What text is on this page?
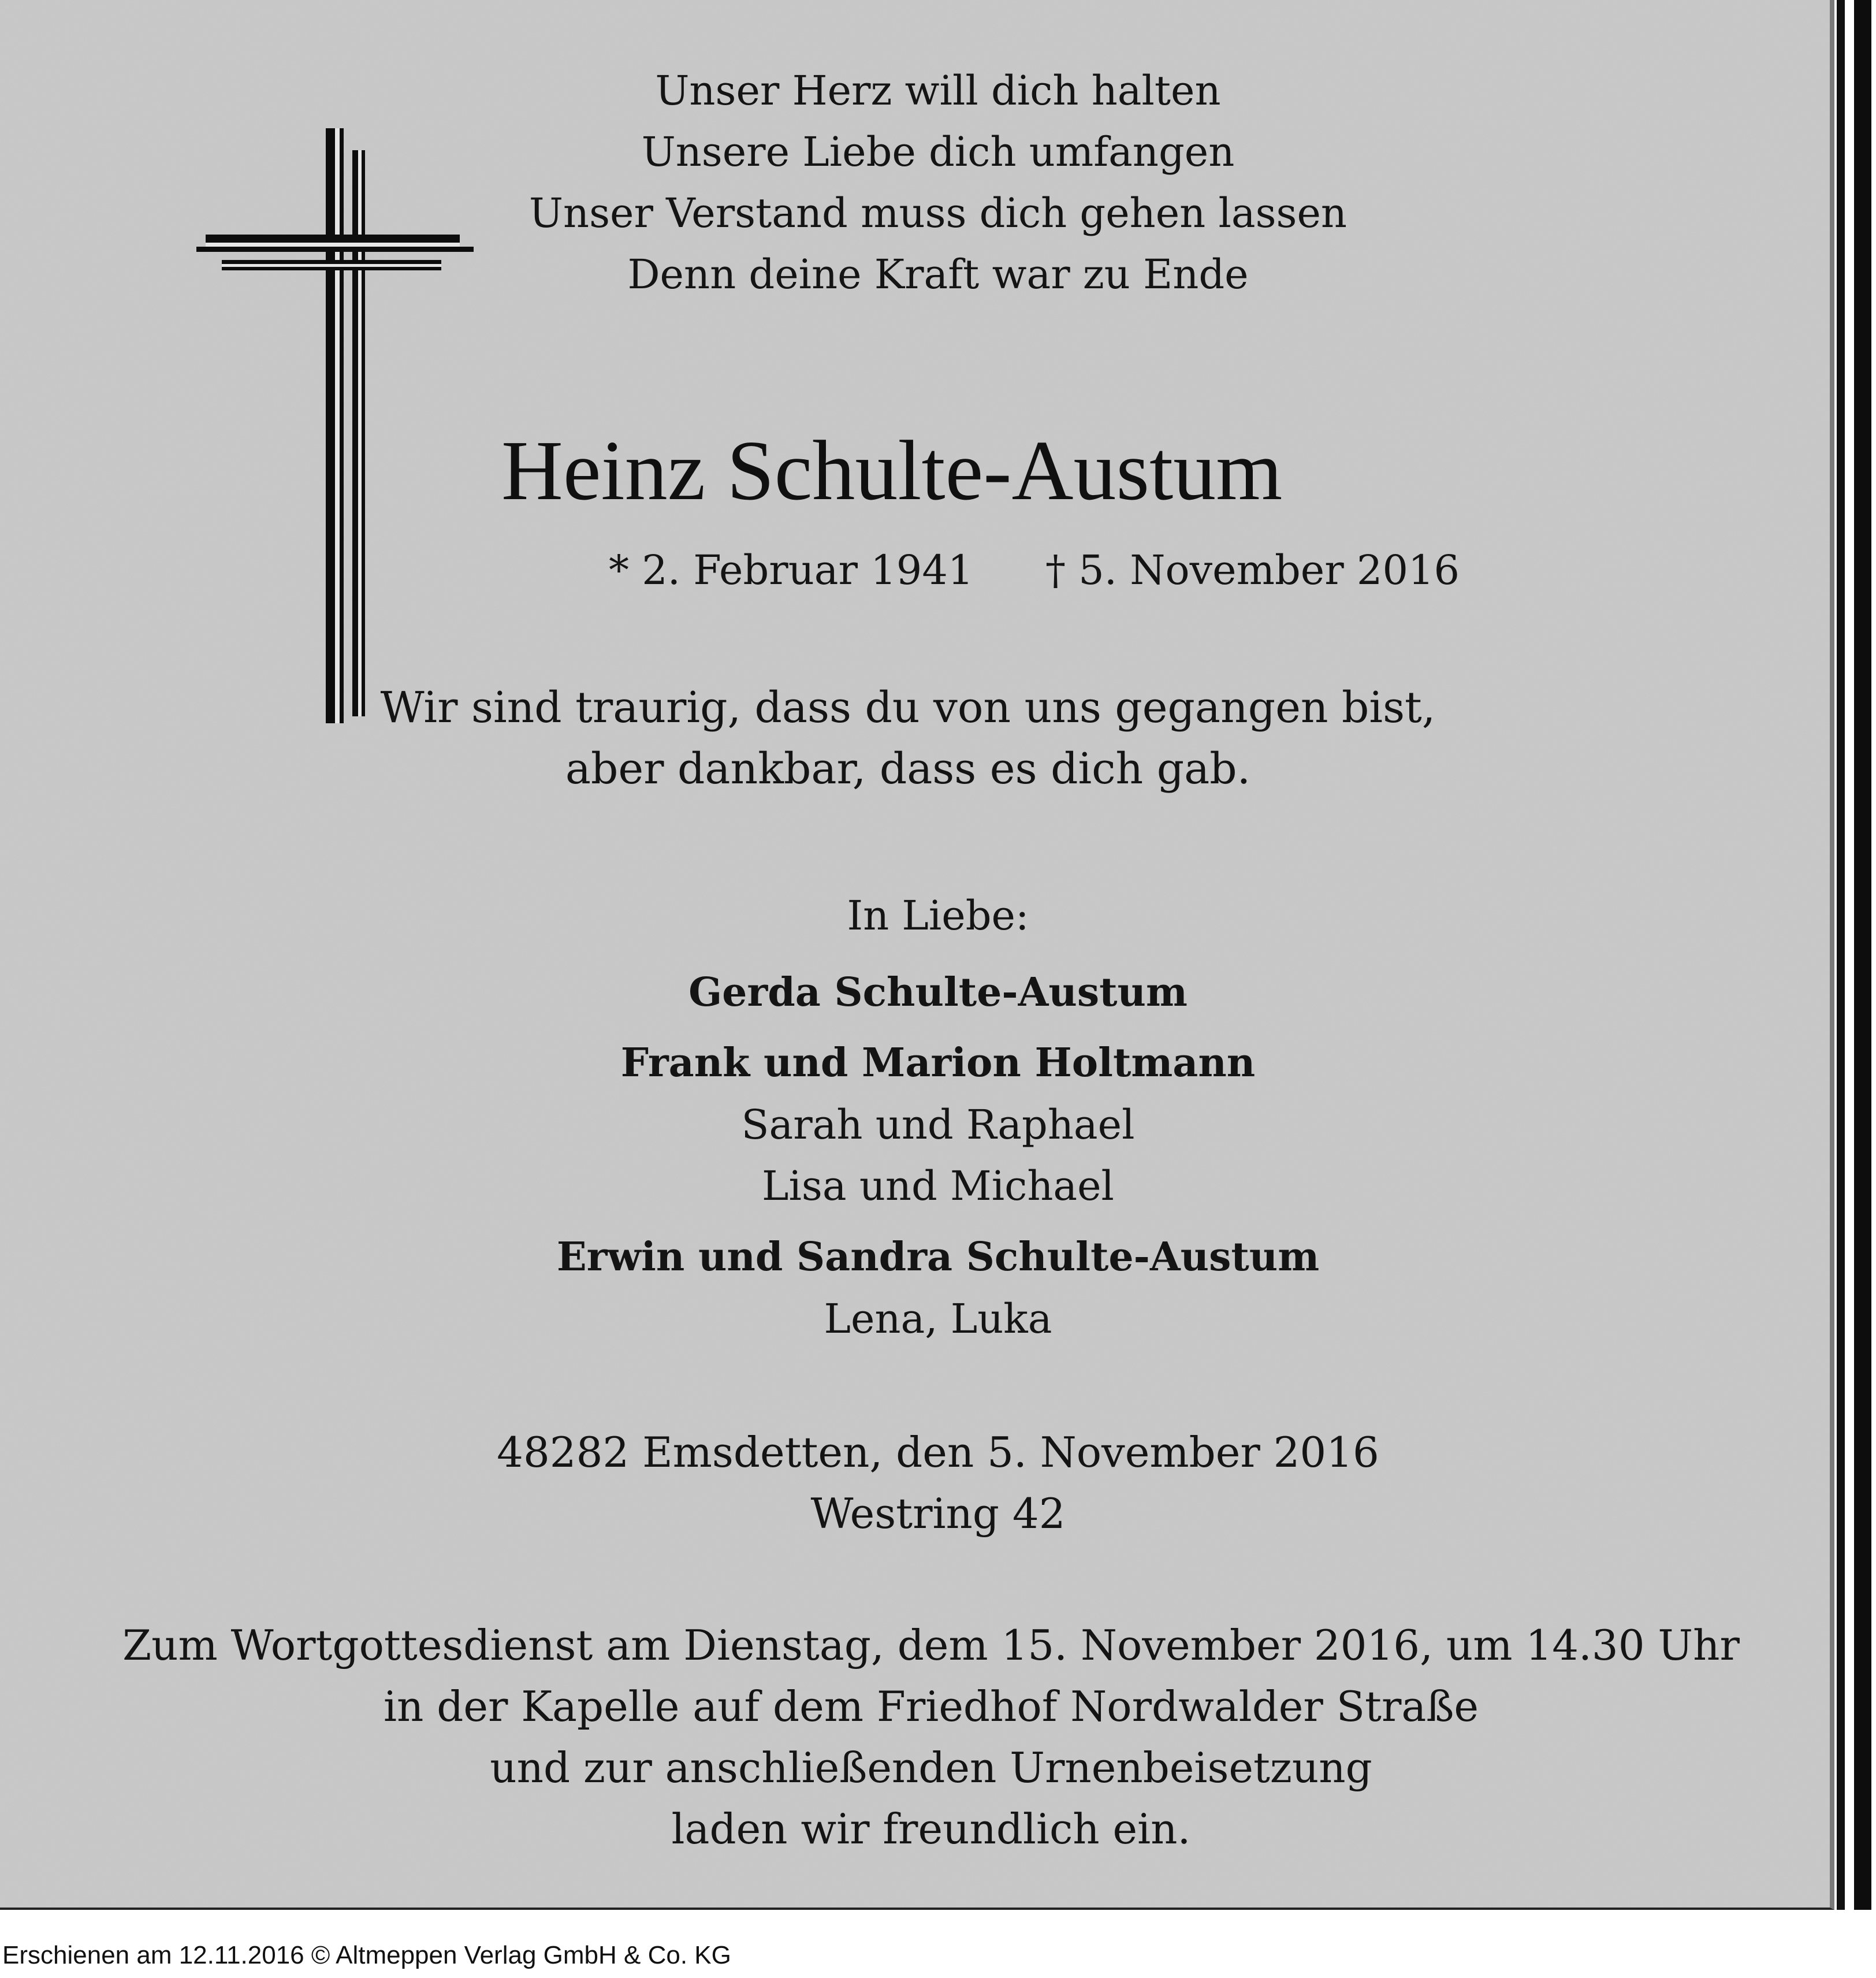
Unser Herz will dich halten
Unsere Liebe dich umfangen
Unser Verstand muss dich gehen lassen
Denn deine Kraft war zu Ende
Heinz Schulte-Austum
* 2. Februar 1941 † 5. November 2016
Wir sind traurig, dass du von uns gegangen bist,
aber dankbar, dass es dich gab.
In Liebe:
Gerda Schulte-Austum
Frank und Marion Holtmann
Sarah und Raphael
Lisa und Michael
Erwin und Sandra Schulte-Austum
Lena, Luka
48282 Emsdetten, den 5. November 2016
Westring 42
Zum Wortgottesdienst am Dienstag, dem 15. November 2016, um 14.30 Uhr
in der Kapelle auf dem Friedhof Nordwalder Straße
und zur anschließenden Urnenbeisetzung
laden wir freundlich ein.
Erschienen am 12.11.2016 © Altmeppen Verlag GmbH & Co. KG
